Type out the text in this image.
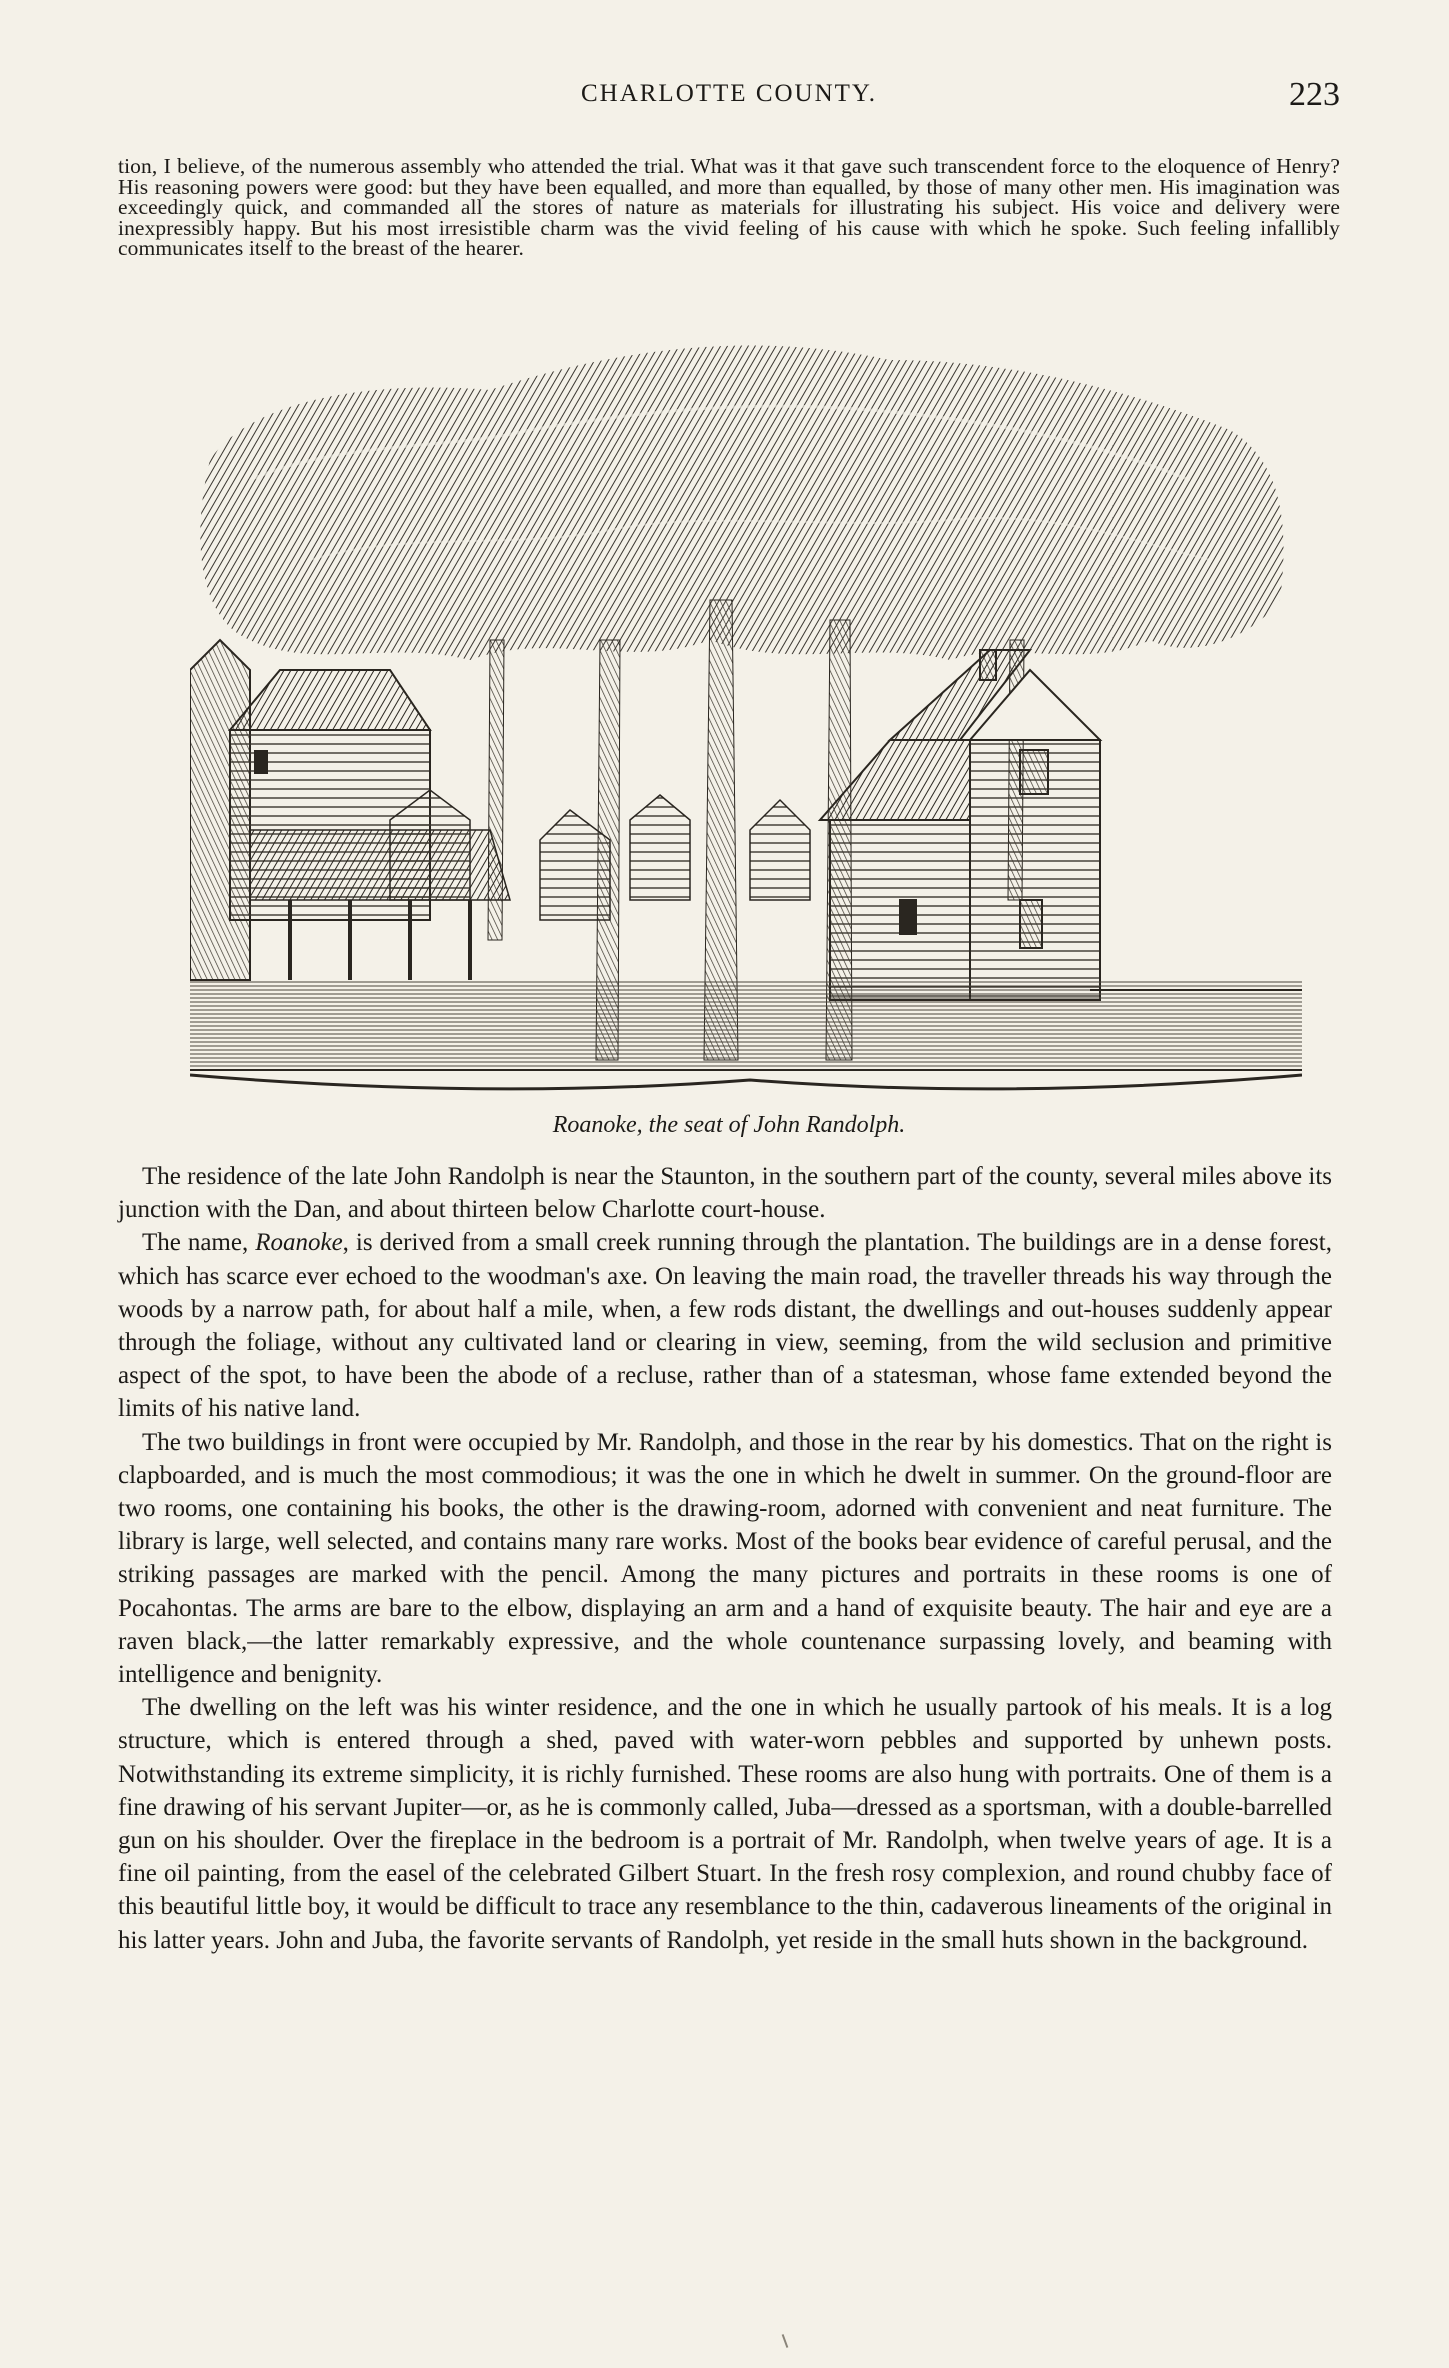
CHARLOTTE COUNTY.	223
tion, I believe, of the numerous assembly who attended the trial. What was it that gave such transcendent force to the eloquence of Henry? His reasoning powers were good: but they have been equalled, and more than equalled, by those of many other men. His imagination was exceedingly quick, and commanded all the stores of nature as materials for illustrating his subject. His voice and delivery were inexpressibly happy. But his most irresistible charm was the vivid feeling of his cause with which he spoke. Such feeling infallibly communicates itself to the breast of the hearer.
Roanoke, the seat of John Randolph.

The residence of the late John Randolph is near the Staunton, in the southern part of the county, several miles above its junction with the Dan, and about thirteen below Charlotte court-house.

The name, Roanoke, is derived from a small creek running through the plantation. The buildings are in a dense forest, which has scarce ever echoed to the woodman's axe. On leaving the main road, the traveller threads his way through the woods by a narrow path, for about half a mile, when, a few rods distant, the dwellings and out-houses suddenly appear through the foliage, without any cultivated land or clearing in view, seeming, from the wild seclusion and primitive aspect of the spot, to have been the abode of a recluse, rather than of a statesman, whose fame extended beyond the limits of his native land.

The two buildings in front were occupied by Mr. Randolph, and those in the rear by his domestics. That on the right is clapboarded, and is much the most commodious; it was the one in which he dwelt in summer. On the ground-floor are two rooms, one containing his books, the other is the drawing-room, adorned with convenient and neat furniture. The library is large, well selected, and contains many rare works. Most of the books bear evidence of careful perusal, and the striking passages are marked with the pencil. Among the many pictures and portraits in these rooms is one of Pocahontas. The arms are bare to the elbow, displaying an arm and a hand of exquisite beauty. The hair and eye are a raven black,—the latter remarkably expressive, and the whole countenance surpassing lovely, and beaming with intelligence and benignity.

The dwelling on the left was his winter residence, and the one in which he usually partook of his meals. It is a log structure, which is entered through a shed, paved with water-worn pebbles and supported by unhewn posts. Notwithstanding its extreme simplicity, it is richly furnished. These rooms are also hung with portraits. One of them is a fine drawing of his servant Jupiter—or, as he is commonly called, Juba—dressed as a sportsman, with a double-barrelled gun on his shoulder. Over the fireplace in the bedroom is a portrait of Mr. Randolph, when twelve years of age. It is a fine oil painting, from the easel of the celebrated Gilbert Stuart. In the fresh rosy complexion, and round chubby face of this beautiful little boy, it would be difficult to trace any resemblance to the thin, cadaverous lineaments of the original in his latter years. John and Juba, the favorite servants of Randolph, yet reside in the small huts shown in the background.
